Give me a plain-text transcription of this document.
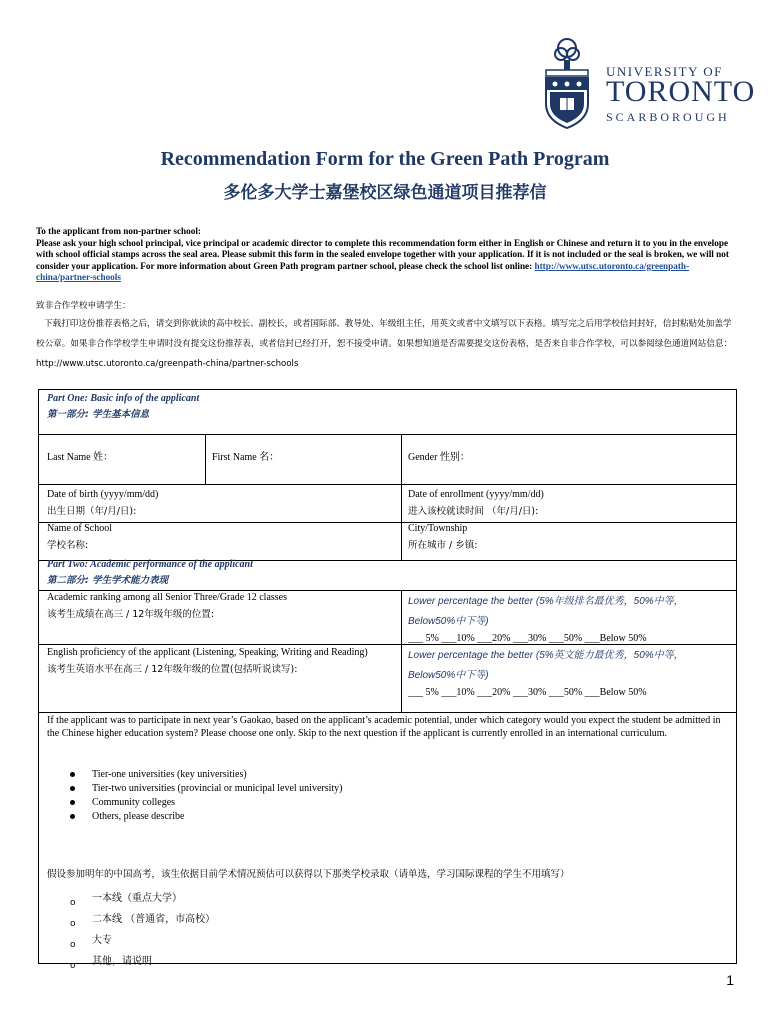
UNIVERSITY OF
TORONTO
SCARBOROUGH
Recommendation Form for the Green Path Program
多伦多大学士嘉堡校区绿色通道项目推荐信
To the applicant from non-partner school:
Please ask your high school principal, vice principal or academic director to complete this recommendation form either in English or Chinese and return it to you in the envelope with school official stamps across the seal area. Please submit this form in the sealed envelope together with your application. If it is not included or the seal is broken, we will not consider your application. For more information about Green Path program partner school, please check the school list online: http://www.utsc.utoronto.ca/greenpath-china/partner-schools
致非合作学校申请学生：
下载打印这份推荐表格之后，请交到你就读的高中校长、副校长，或者国际部、教导处、年级组主任，用英文或者中文填写以下表格。填写完之后用学校信封封好，信封粘贴处加盖学校公章。如果非合作学校学生申请时没有提交这份推荐表，或者信封已经打开，恕不接受申请。如果想知道是否需要提交这份表格，是否来自非合作学校，可以参阅绿色通道网站信息： http://www.utsc.utoronto.ca/greenpath-china/partner-schools
Part One: Basic info of the applicant
第一部分: 学生基本信息
Last Name 姓：	First Name 名：	Gender 性别：
Date of birth (yyyy/mm/dd)
出生日期（年/月/日):
Date of enrollment (yyyy/mm/dd)
进入该校就读时间 （年/月/日):
Name of School
学校名称:
City/Township
所在城市 / 乡镇:
Part Two: Academic performance of the applicant
第二部分: 学生学术能力表现
Academic ranking among all Senior Three/Grade 12 classes
该考生成绩在高三 / 12年级年级的位置:
Lower percentage the better (5%年级排名最优秀，50%中等，
Below50%中下等)
___ 5% ___10% ___20% ___30% ___50% ___Below 50%
English proficiency of the applicant (Listening, Speaking, Writing and Reading)
该考生英语水平在高三 / 12年级年级的位置(包括听说读写):
Lower percentage the better (5%英文能力最优秀，50%中等，
Below50%中下等)
___ 5% ___10% ___20% ___30% ___50% ___Below 50%
If the applicant was to participate in next year’s Gaokao, based on the applicant’s academic potential, under which category would you expect the student be admitted in the Chinese higher education system? Please choose one only. Skip to the next question if the applicant is currently enrolled in an international curriculum.
Tier-one universities (key universities)
Tier-two universities (provincial or municipal level university)
Community colleges
Others, please describe
假设参加明年的中国高考，该生依据目前学术情况预估可以获得以下那类学校录取（请单选，学习国际课程的学生不用填写）
o 一本线（重点大学）
o 二本线 （普通省，市高校）
o 大专
o 其他，请说明
1
